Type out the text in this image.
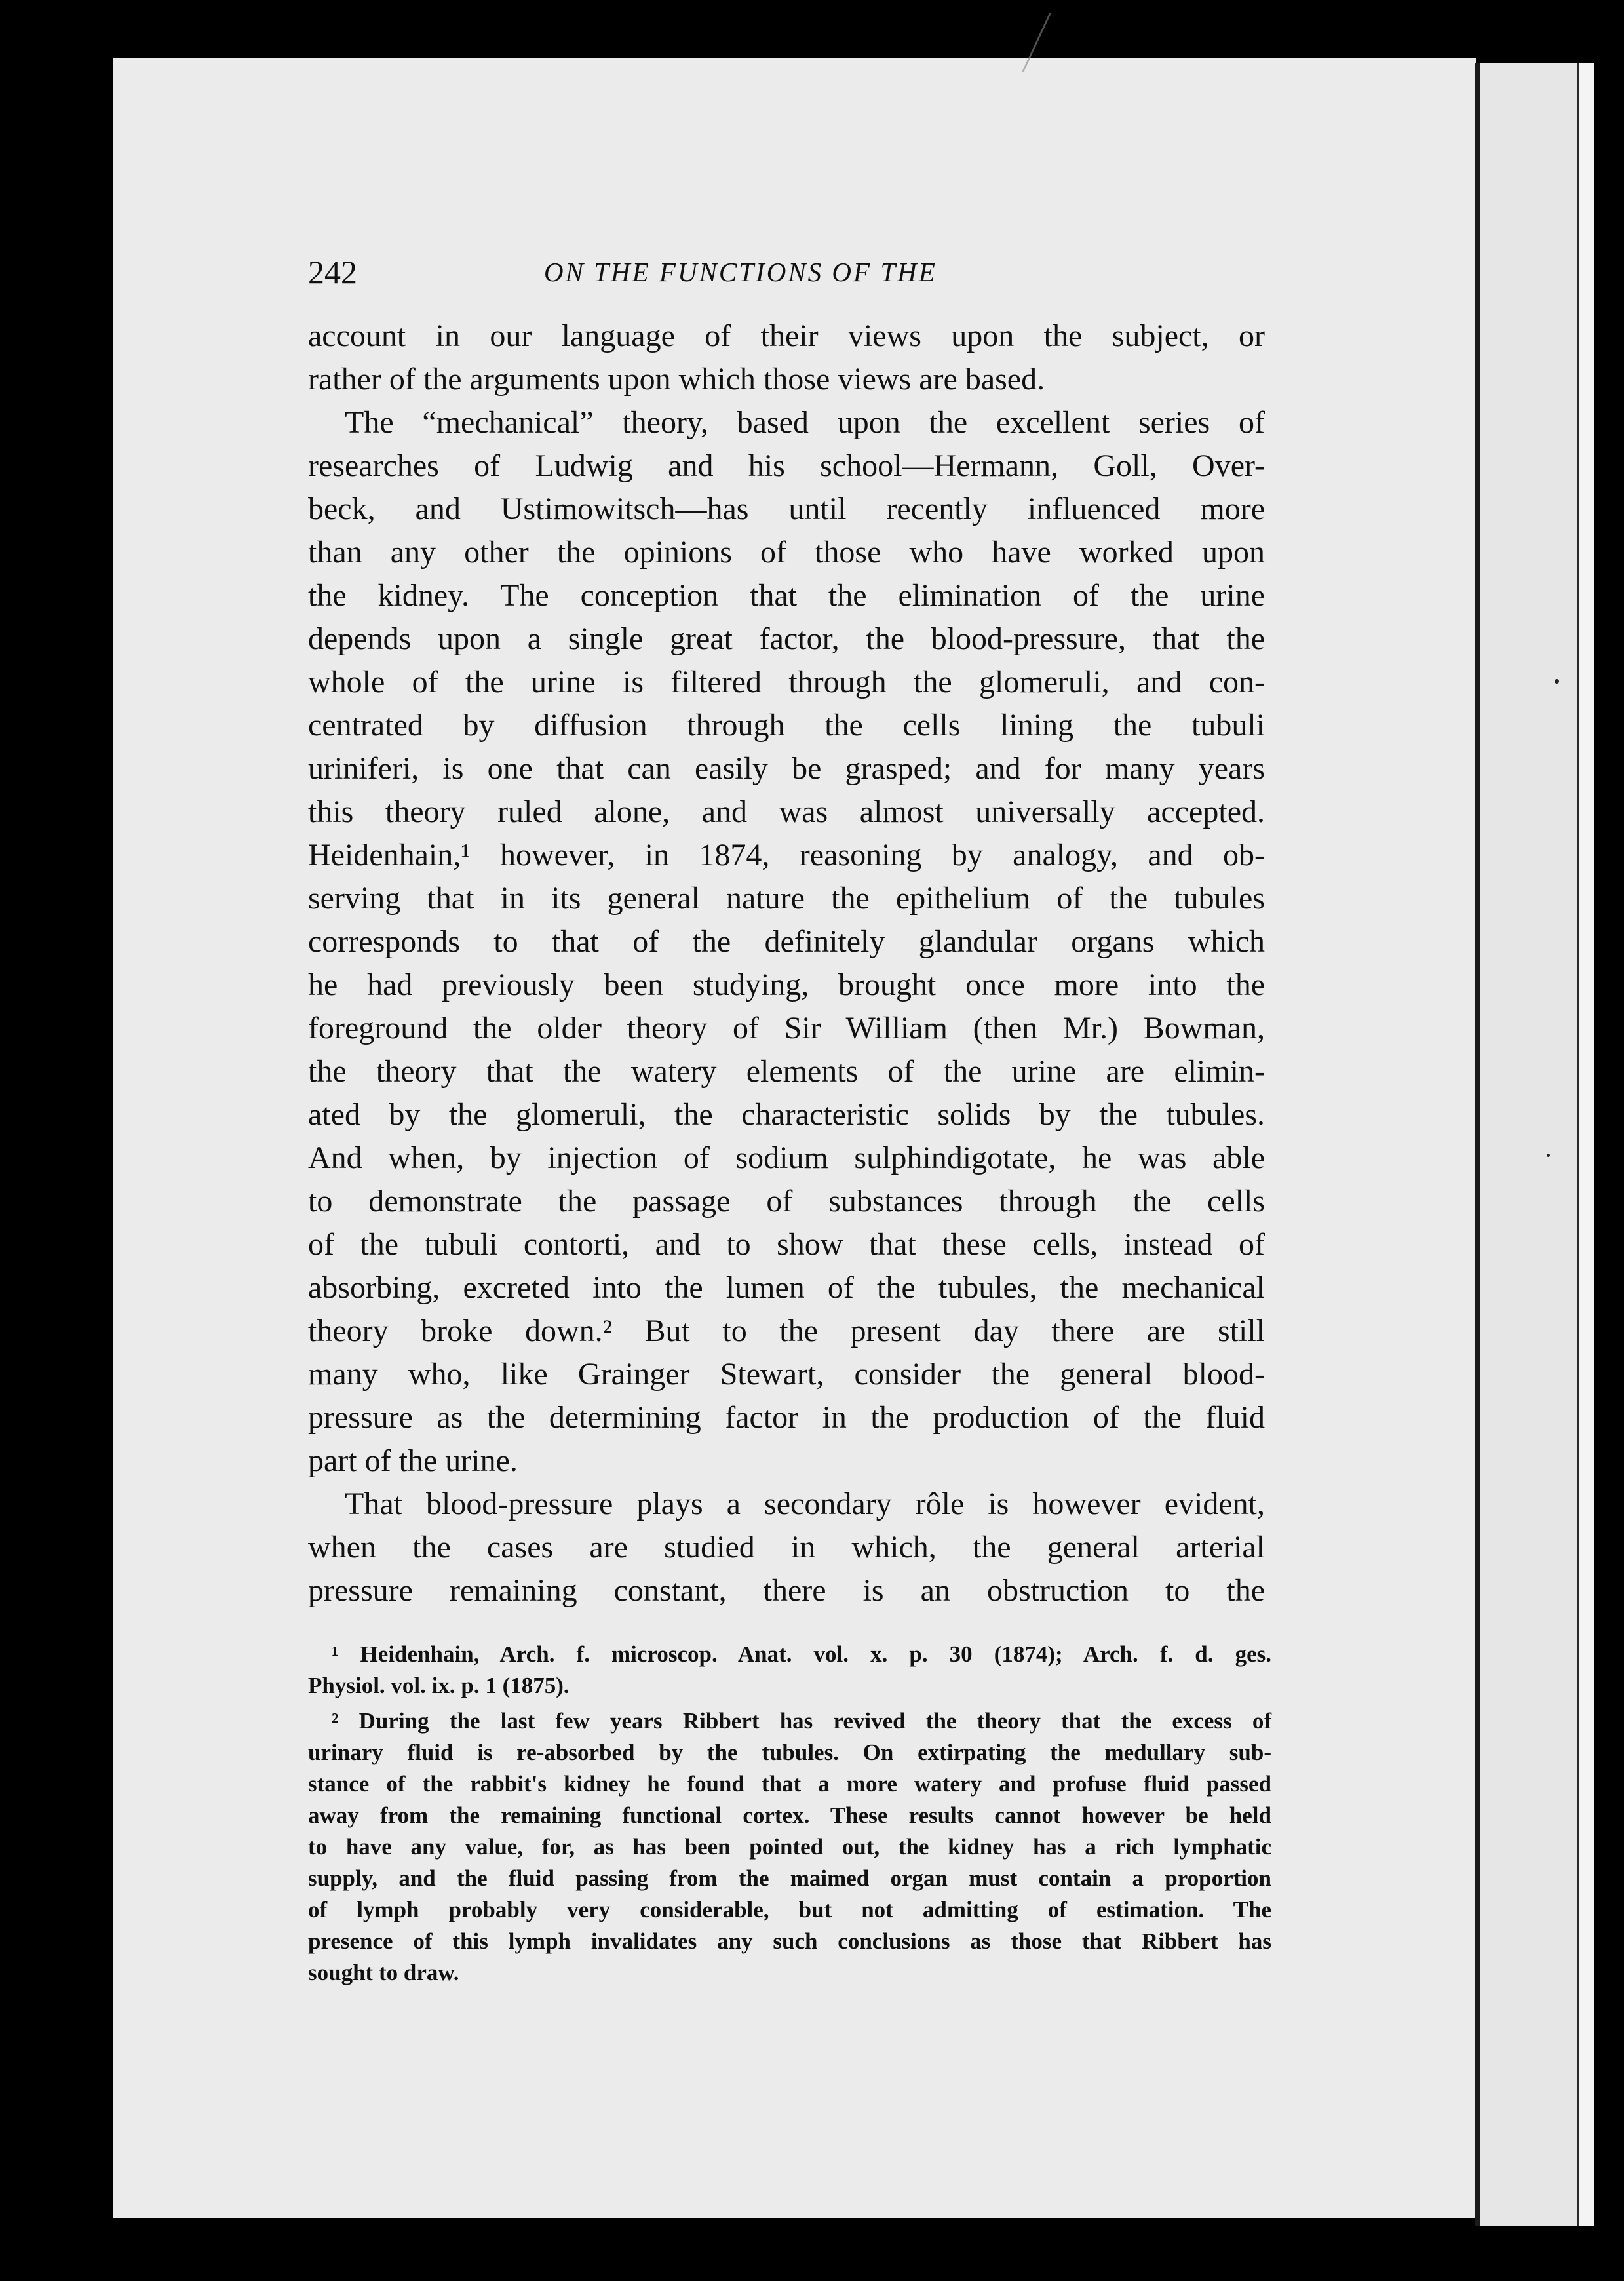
242	ON THE FUNCTIONS OF THE
account in our language of their views upon the subject, or
rather of the arguments upon which those views are based.
The “mechanical” theory, based upon the excellent series of
researches of Ludwig and his school—Hermann, Goll, Over-
beck, and Ustimowitsch—has until recently influenced more
than any other the opinions of those who have worked upon
the kidney. The conception that the elimination of the urine
depends upon a single great factor, the blood-pressure, that the
whole of the urine is filtered through the glomeruli, and con-
centrated by diffusion through the cells lining the tubuli
uriniferi, is one that can easily be grasped; and for many years
this theory ruled alone, and was almost universally accepted.
Heidenhain,¹ however, in 1874, reasoning by analogy, and ob-
serving that in its general nature the epithelium of the tubules
corresponds to that of the definitely glandular organs which
he had previously been studying, brought once more into the
foreground the older theory of Sir William (then Mr.) Bowman,
the theory that the watery elements of the urine are elimin-
ated by the glomeruli, the characteristic solids by the tubules.
And when, by injection of sodium sulphindigotate, he was able
to demonstrate the passage of substances through the cells
of the tubuli contorti, and to show that these cells, instead of
absorbing, excreted into the lumen of the tubules, the mechanical
theory broke down.² But to the present day there are still
many who, like Grainger Stewart, consider the general blood-
pressure as the determining factor in the production of the fluid
part of the urine.
That blood-pressure plays a secondary rôle is however evident,
when the cases are studied in which, the general arterial
pressure remaining constant, there is an obstruction to the
¹ Heidenhain, Arch. f. microscop. Anat. vol. x. p. 30 (1874); Arch. f. d. ges.
Physiol. vol. ix. p. 1 (1875).
² During the last few years Ribbert has revived the theory that the excess of
urinary fluid is re-absorbed by the tubules. On extirpating the medullary sub-
stance of the rabbit's kidney he found that a more watery and profuse fluid passed
away from the remaining functional cortex. These results cannot however be held
to have any value, for, as has been pointed out, the kidney has a rich lymphatic
supply, and the fluid passing from the maimed organ must contain a proportion
of lymph probably very considerable, but not admitting of estimation. The
presence of this lymph invalidates any such conclusions as those that Ribbert has
sought to draw.
